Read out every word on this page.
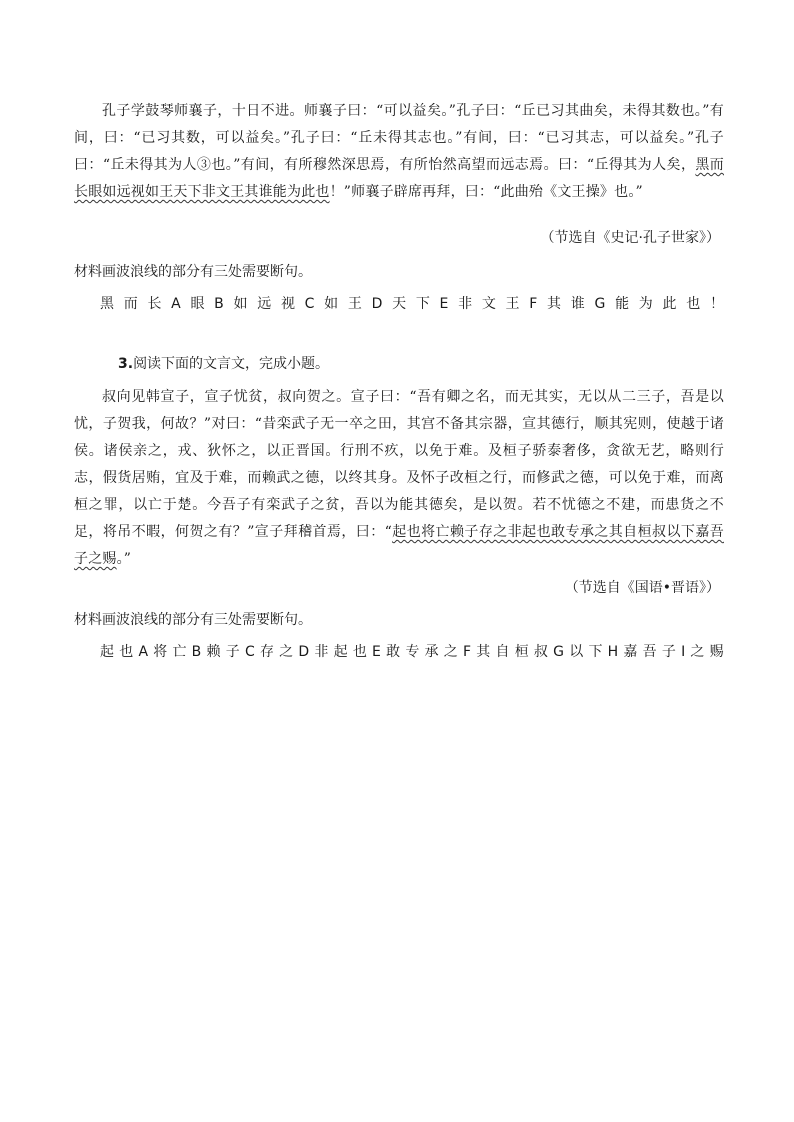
孔子学鼓琴师襄子，十日不进。师襄子曰：“可以益矣。”孔子曰：“丘已习其曲矣，未得其数也。”有间，曰：“已习其数，可以益矣。”孔子曰：“丘未得其志也。”有间，曰：“已习其志，可以益矣。”孔子曰：“丘未得其为人③也。”有间，有所穆然深思焉，有所怡然高望而远志焉。曰：“丘得其为人矣，黑而长眼如远视如王天下非文王其谁能为此也！”师襄子辟席再拜，曰：“此曲殆《文王操》也。”
（节选自《史记·孔子世家》）
材料画波浪线的部分有三处需要断句。
黑 而 长 A 眼 B 如 远 视 C 如 王 D 天 下 E 非 文 王 F 其 谁 G 能 为 此 也 ！
3.阅读下面的文言文，完成小题。
叔向见韩宣子，宣子忧贫，叔向贺之。宣子曰：“吾有卿之名，而无其实，无以从二三子，吾是以忧，子贺我，何故？”对曰：“昔栾武子无一卒之田，其宫不备其宗器，宣其德行，顺其宪则，使越于诸侯。诸侯亲之，戎、狄怀之，以正晋国。行刑不疚，以免于难。及桓子骄泰奢侈，贪欲无艺，略则行志，假货居贿，宜及于难，而赖武之德，以终其身。及怀子改桓之行，而修武之德，可以免于难，而离桓之罪，以亡于楚。今吾子有栾武子之贫，吾以为能其德矣，是以贺。若不忧德之不建，而患货之不足，将吊不暇，何贺之有？”宣子拜稽首焉，曰：“起也将亡赖子存之非起也敢专承之其自桓叔以下嘉吾子之赐。”
（节选自《国语•晋语》）
材料画波浪线的部分有三处需要断句。
起 也 A 将 亡 B 赖 子 C 存 之 D 非 起 也 E 敢 专 承 之 F 其 自 桓 叔 G 以 下 H 嘉 吾 子 I 之 赐
